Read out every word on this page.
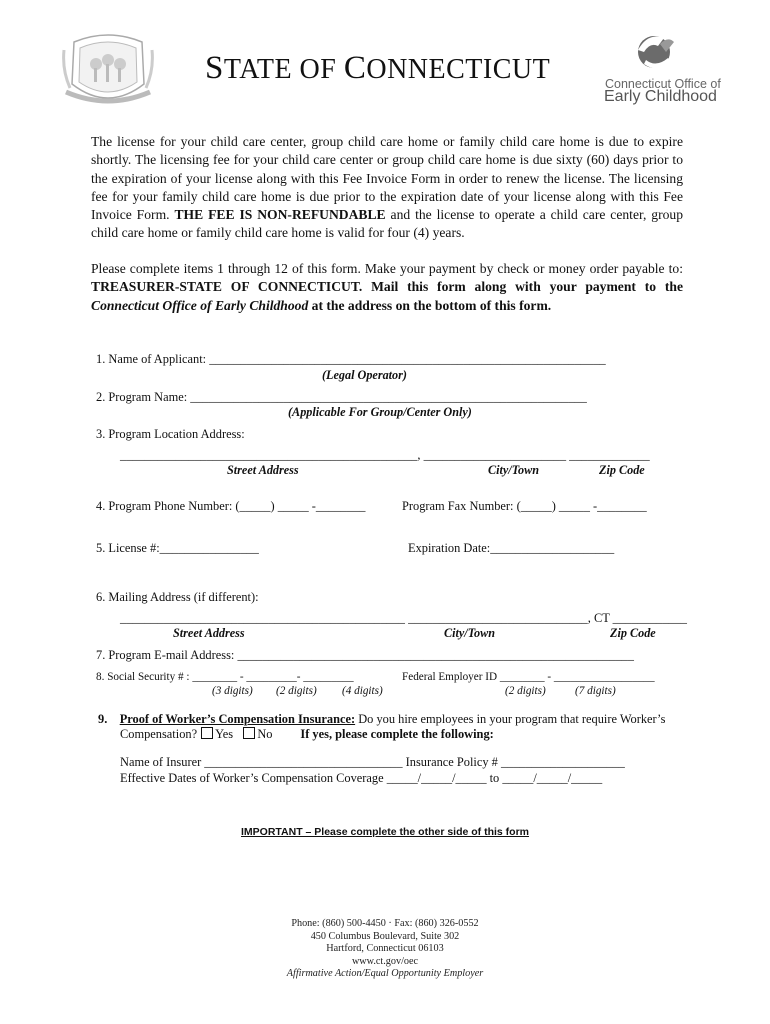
STATE OF CONNECTICUT	Connecticut Office of
Early Childhood
The license for your child care center, group child care home or family child care home is due to expire shortly. The licensing fee for your child care center or group child care home is due sixty (60) days prior to the expiration of your license along with this Fee Invoice Form in order to renew the license. The licensing fee for your family child care home is due prior to the expiration date of your license along with this Fee Invoice Form. THE FEE IS NON-REFUNDABLE and the license to operate a child care center, group child care home or family child care home is valid for four (4) years.
Please complete items 1 through 12 of this form. Make your payment by check or money order payable to: TREASURER-STATE OF CONNECTICUT. Mail this form along with your payment to the Connecticut Office of Early Childhood at the address on the bottom of this form.
1. Name of Applicant: ________________________________________________________________
(Legal Operator)
2. Program Name: ________________________________________________________________
(Applicable For Group/Center Only)
3. Program Location Address:
________________________________________________, _______________________ _____________
Street Address	City/Town	Zip Code
4. Program Phone Number: (_____) _____ -________	Program Fax Number: (_____) _____ -________
5. License #:________________	Expiration Date:____________________
6. Mailing Address (if different):
______________________________________________ _____________________________, CT ____________
Street Address	City/Town	Zip Code
7. Program E-mail Address: ________________________________________________________________
8. Social Security # : ________ - _________- _________	Federal Employer ID ________ - __________________
(3 digits) (2 digits) (4 digits)	(2 digits)	(7 digits)
9. Proof of Worker’s Compensation Insurance: Do you hire employees in your program that require Worker’s
Compensation? Yes No If yes, please complete the following:
Name of Insurer ________________________________ Insurance Policy # ____________________
Effective Dates of Worker’s Compensation Coverage _____/_____/_____ to _____/_____/_____
IMPORTANT – Please complete the other side of this form
Phone: (860) 500-4450 · Fax: (860) 326-0552
450 Columbus Boulevard, Suite 302
Hartford, Connecticut 06103
www.ct.gov/oec
Affirmative Action/Equal Opportunity Employer
